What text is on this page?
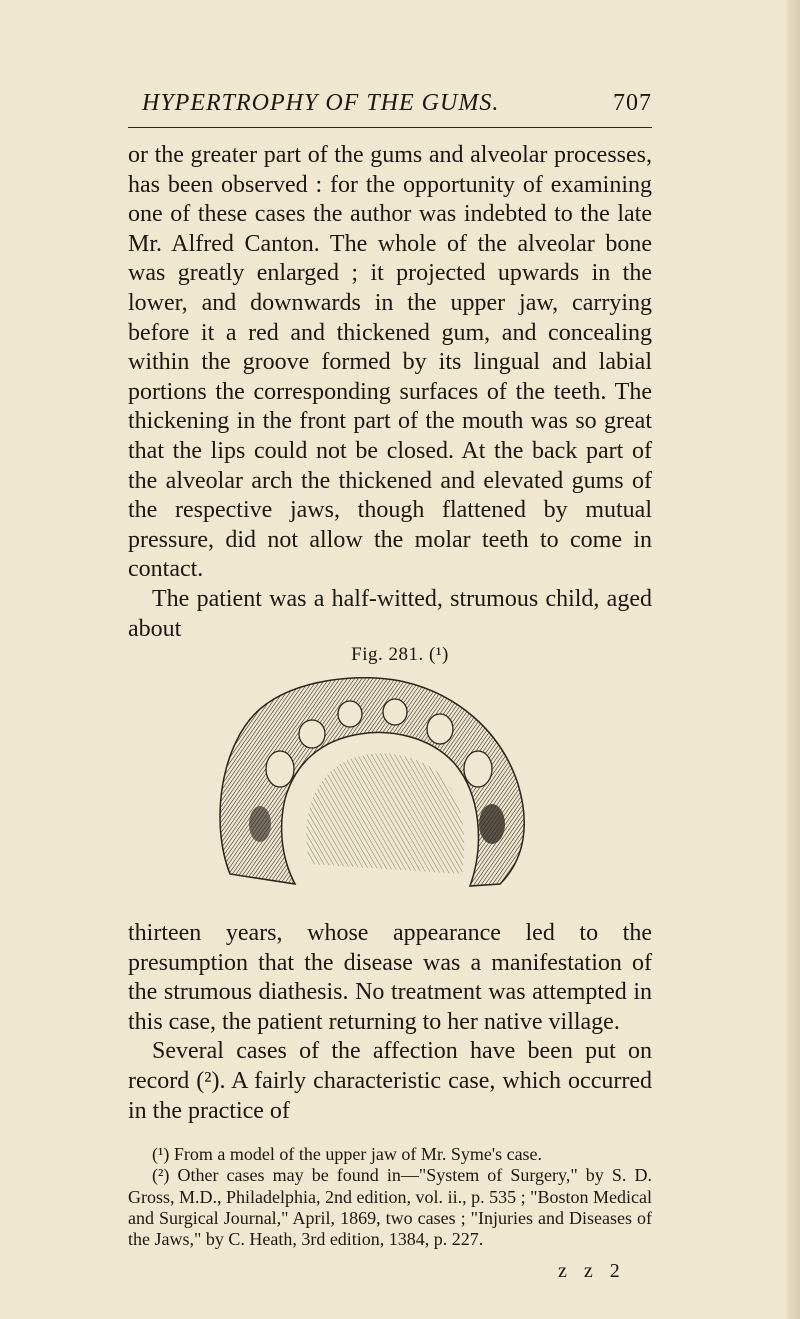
HYPERTROPHY OF THE GUMS.	707

or the greater part of the gums and alveolar processes, has been observed : for the opportunity of examining one of these cases the author was indebted to the late Mr. Alfred Canton. The whole of the alveolar bone was greatly enlarged ; it projected upwards in the lower, and downwards in the upper jaw, carrying before it a red and thickened gum, and concealing within the groove formed by its lingual and labial portions the corresponding surfaces of the teeth. The thickening in the front part of the mouth was so great that the lips could not be closed. At the back part of the alveolar arch the thickened and elevated gums of the respective jaws, though flattened by mutual pressure, did not allow the molar teeth to come in contact.

The patient was a half-witted, strumous child, aged about

Fig. 281. (¹)

thirteen years, whose appearance led to the presumption that the disease was a manifestation of the strumous diathesis. No treatment was attempted in this case, the patient returning to her native village.

Several cases of the affection have been put on record (²). A fairly characteristic case, which occurred in the practice of

(¹) From a model of the upper jaw of Mr. Syme's case.

(²) Other cases may be found in—"System of Surgery," by S. D. Gross, M.D., Philadelphia, 2nd edition, vol. ii., p. 535 ; "Boston Medical and Surgical Journal," April, 1869, two cases ; "Injuries and Diseases of the Jaws," by C. Heath, 3rd edition, 1384, p. 227.

z z 2
